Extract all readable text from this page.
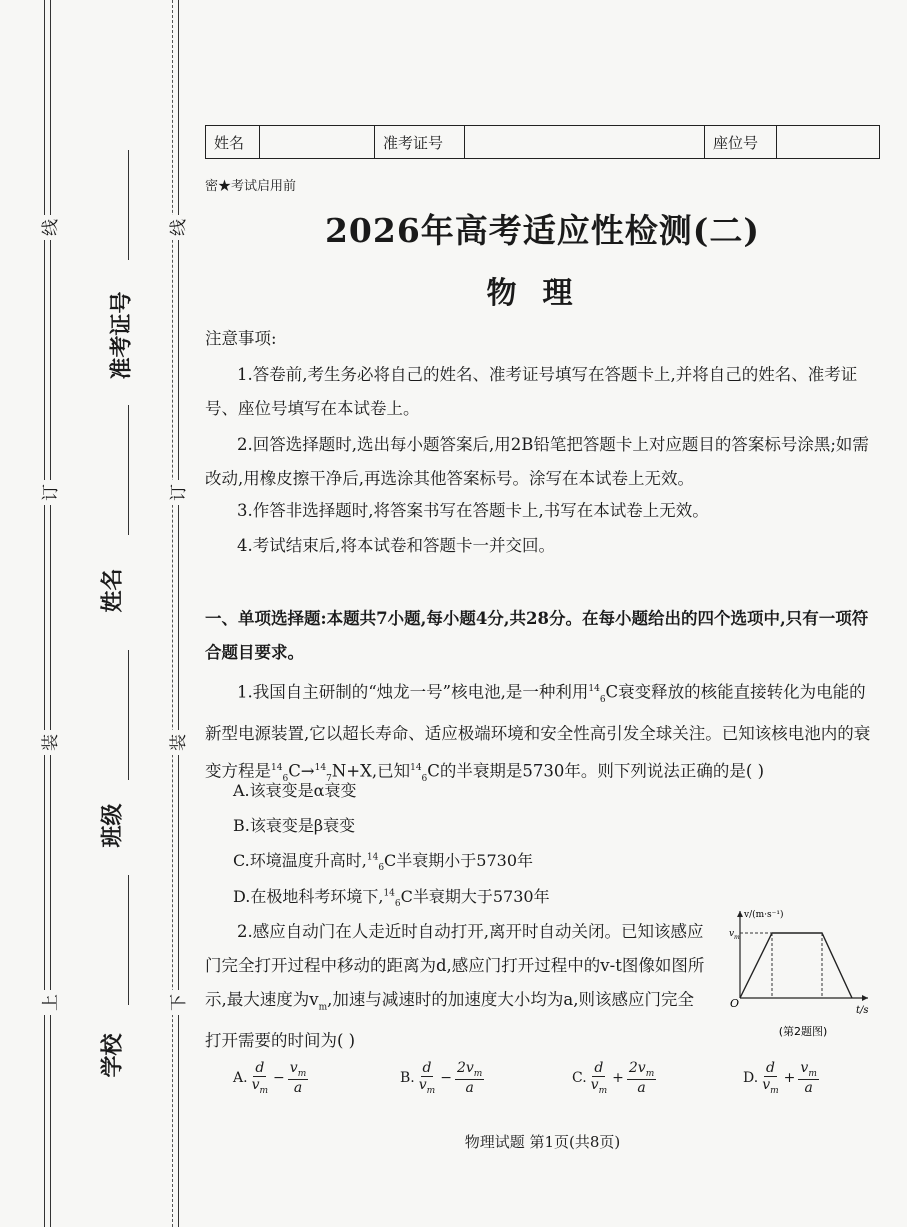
线
订
装
上
线
订
装
下
准考证号
姓名
班级
学校
姓名	准考证号	座位号
密★考试启用前
2026年高考适应性检测(二)
物理
注意事项:
1.答卷前,考生务必将自己的姓名、准考证号填写在答题卡上,并将自己的姓名、准考证号、座位号填写在本试卷上。
2.回答选择题时,选出每小题答案后,用2B铅笔把答题卡上对应题目的答案标号涂黑;如需改动,用橡皮擦干净后,再选涂其他答案标号。涂写在本试卷上无效。
3.作答非选择题时,将答案书写在答题卡上,书写在本试卷上无效。
4.考试结束后,将本试卷和答题卡一并交回。
一、单项选择题:本题共7小题,每小题4分,共28分。在每小题给出的四个选项中,只有一项符合题目要求。
1.我国自主研制的“烛龙一号”核电池,是一种利用$^{14}_6$C衰变释放的核能直接转化为电能的新型电源装置,它以超长寿命、适应极端环境和安全性高引发全球关注。已知该核电池内的衰变方程是$^{14}_6$C→$^{14}_7$N+X,已知$^{14}_6$C的半衰期是5730年。则下列说法正确的是( )
A.该衰变是α衰变
B.该衰变是β衰变
C.环境温度升高时,$^{14}_6$C半衰期小于5730年
D.在极地科考环境下,$^{14}_6$C半衰期大于5730年
2.感应自动门在人走近时自动打开,离开时自动关闭。已知该感应门完全打开过程中移动的距离为d,感应门打开过程中的v-t图像如图所示,最大速度为$v_m$,加速与减速时的加速度大小均为a,则该感应门完全打开需要的时间为( )
v/(m·s⁻¹)
t/s
O
v m
(第2题图)
A.
d
$v_m$
− $\frac{v_m}{a}$	B.
d
$v_m$
− $\frac{2v_m}{a}$	C.
d
$v_m$
+ $\frac{2v_m}{a}$	D.
d
$v_m$
+ $\frac{v_m}{a}$
物理试题 第1页(共8页)
